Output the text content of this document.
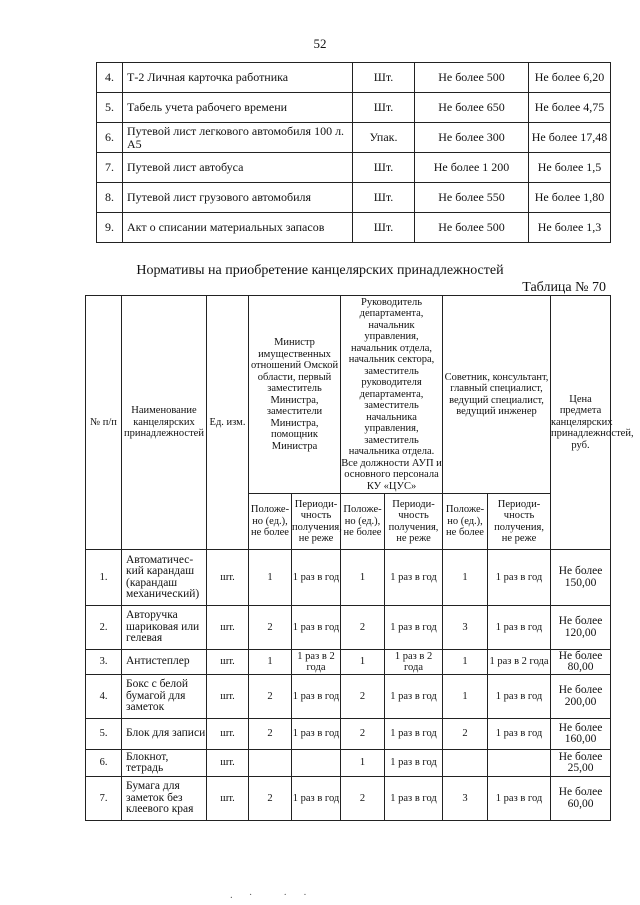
52
4.	Т-2 Личная карточка работника	Шт.	Не более 500	Не более 6,20
5.	Табель учета рабочего времени	Шт.	Не более 650	Не более 4,75
6.	Путевой лист легкового автомобиля 100 л. А5	Упак.	Не более 300	Не более 17,48
7.	Путевой лист автобуса	Шт.	Не более 1 200	Не более 1,5
8.	Путевой лист грузового автомобиля	Шт.	Не более 550	Не более 1,80
9.	Акт о списании материальных запасов	Шт.	Не более 500	Не более 1,3
Нормативы на приобретение канцелярских принадлежностей
Таблица № 70
№ п/п	Наименование канцелярских принадлежностей	Ед. изм.	Министр имущественных отношений Омской области, первый заместитель Министра, заместители Министра, помощник Министра		Руководитель департамента, начальник управления, начальник отдела, начальник сектора, заместитель руководителя департамента, заместитель начальника управления, заместитель начальника отдела. Все должности АУП и основного персонала КУ «ЦУС»		Советник, консультант, главный специалист, ведущий специалист, ведущий инженер		Цена предмета канцелярских принадлежностей, руб.
			Положе-но (ед.), не более	Периоди-чность получения, не реже	Положе-но (ед.), не более	Периоди-чность получения, не реже	Положе-но (ед.), не более	Периоди-чность получения, не реже	
1.	Автоматичес-кий карандаш (карандаш механический)	шт.	1	1 раз в год	1	1 раз в год	1	1 раз в год	Не более 150,00
2.	Авторучка шариковая или гелевая	шт.	2	1 раз в год	2	1 раз в год	3	1 раз в год	Не более 120,00
3.	Антистеплер	шт.	1	1 раз в 2 года	1	1 раз в 2 года	1	1 раз в 2 года	Не более 80,00
4.	Бокс с белой бумагой для заметок	шт.	2	1 раз в год	2	1 раз в год	1	1 раз в год	Не более 200,00
5.	Блок для записи	шт.	2	1 раз в год	2	1 раз в год	2	1 раз в год	Не более 160,00
6.	Блокнот, тетрадь	шт.			1	1 раз в год			Не более 25,00
7.	Бумага для заметок без клеевого края	шт.	2	1 раз в год	2	1 раз в год	3	1 раз в год	Не более 60,00
.    ·        ·    ·
